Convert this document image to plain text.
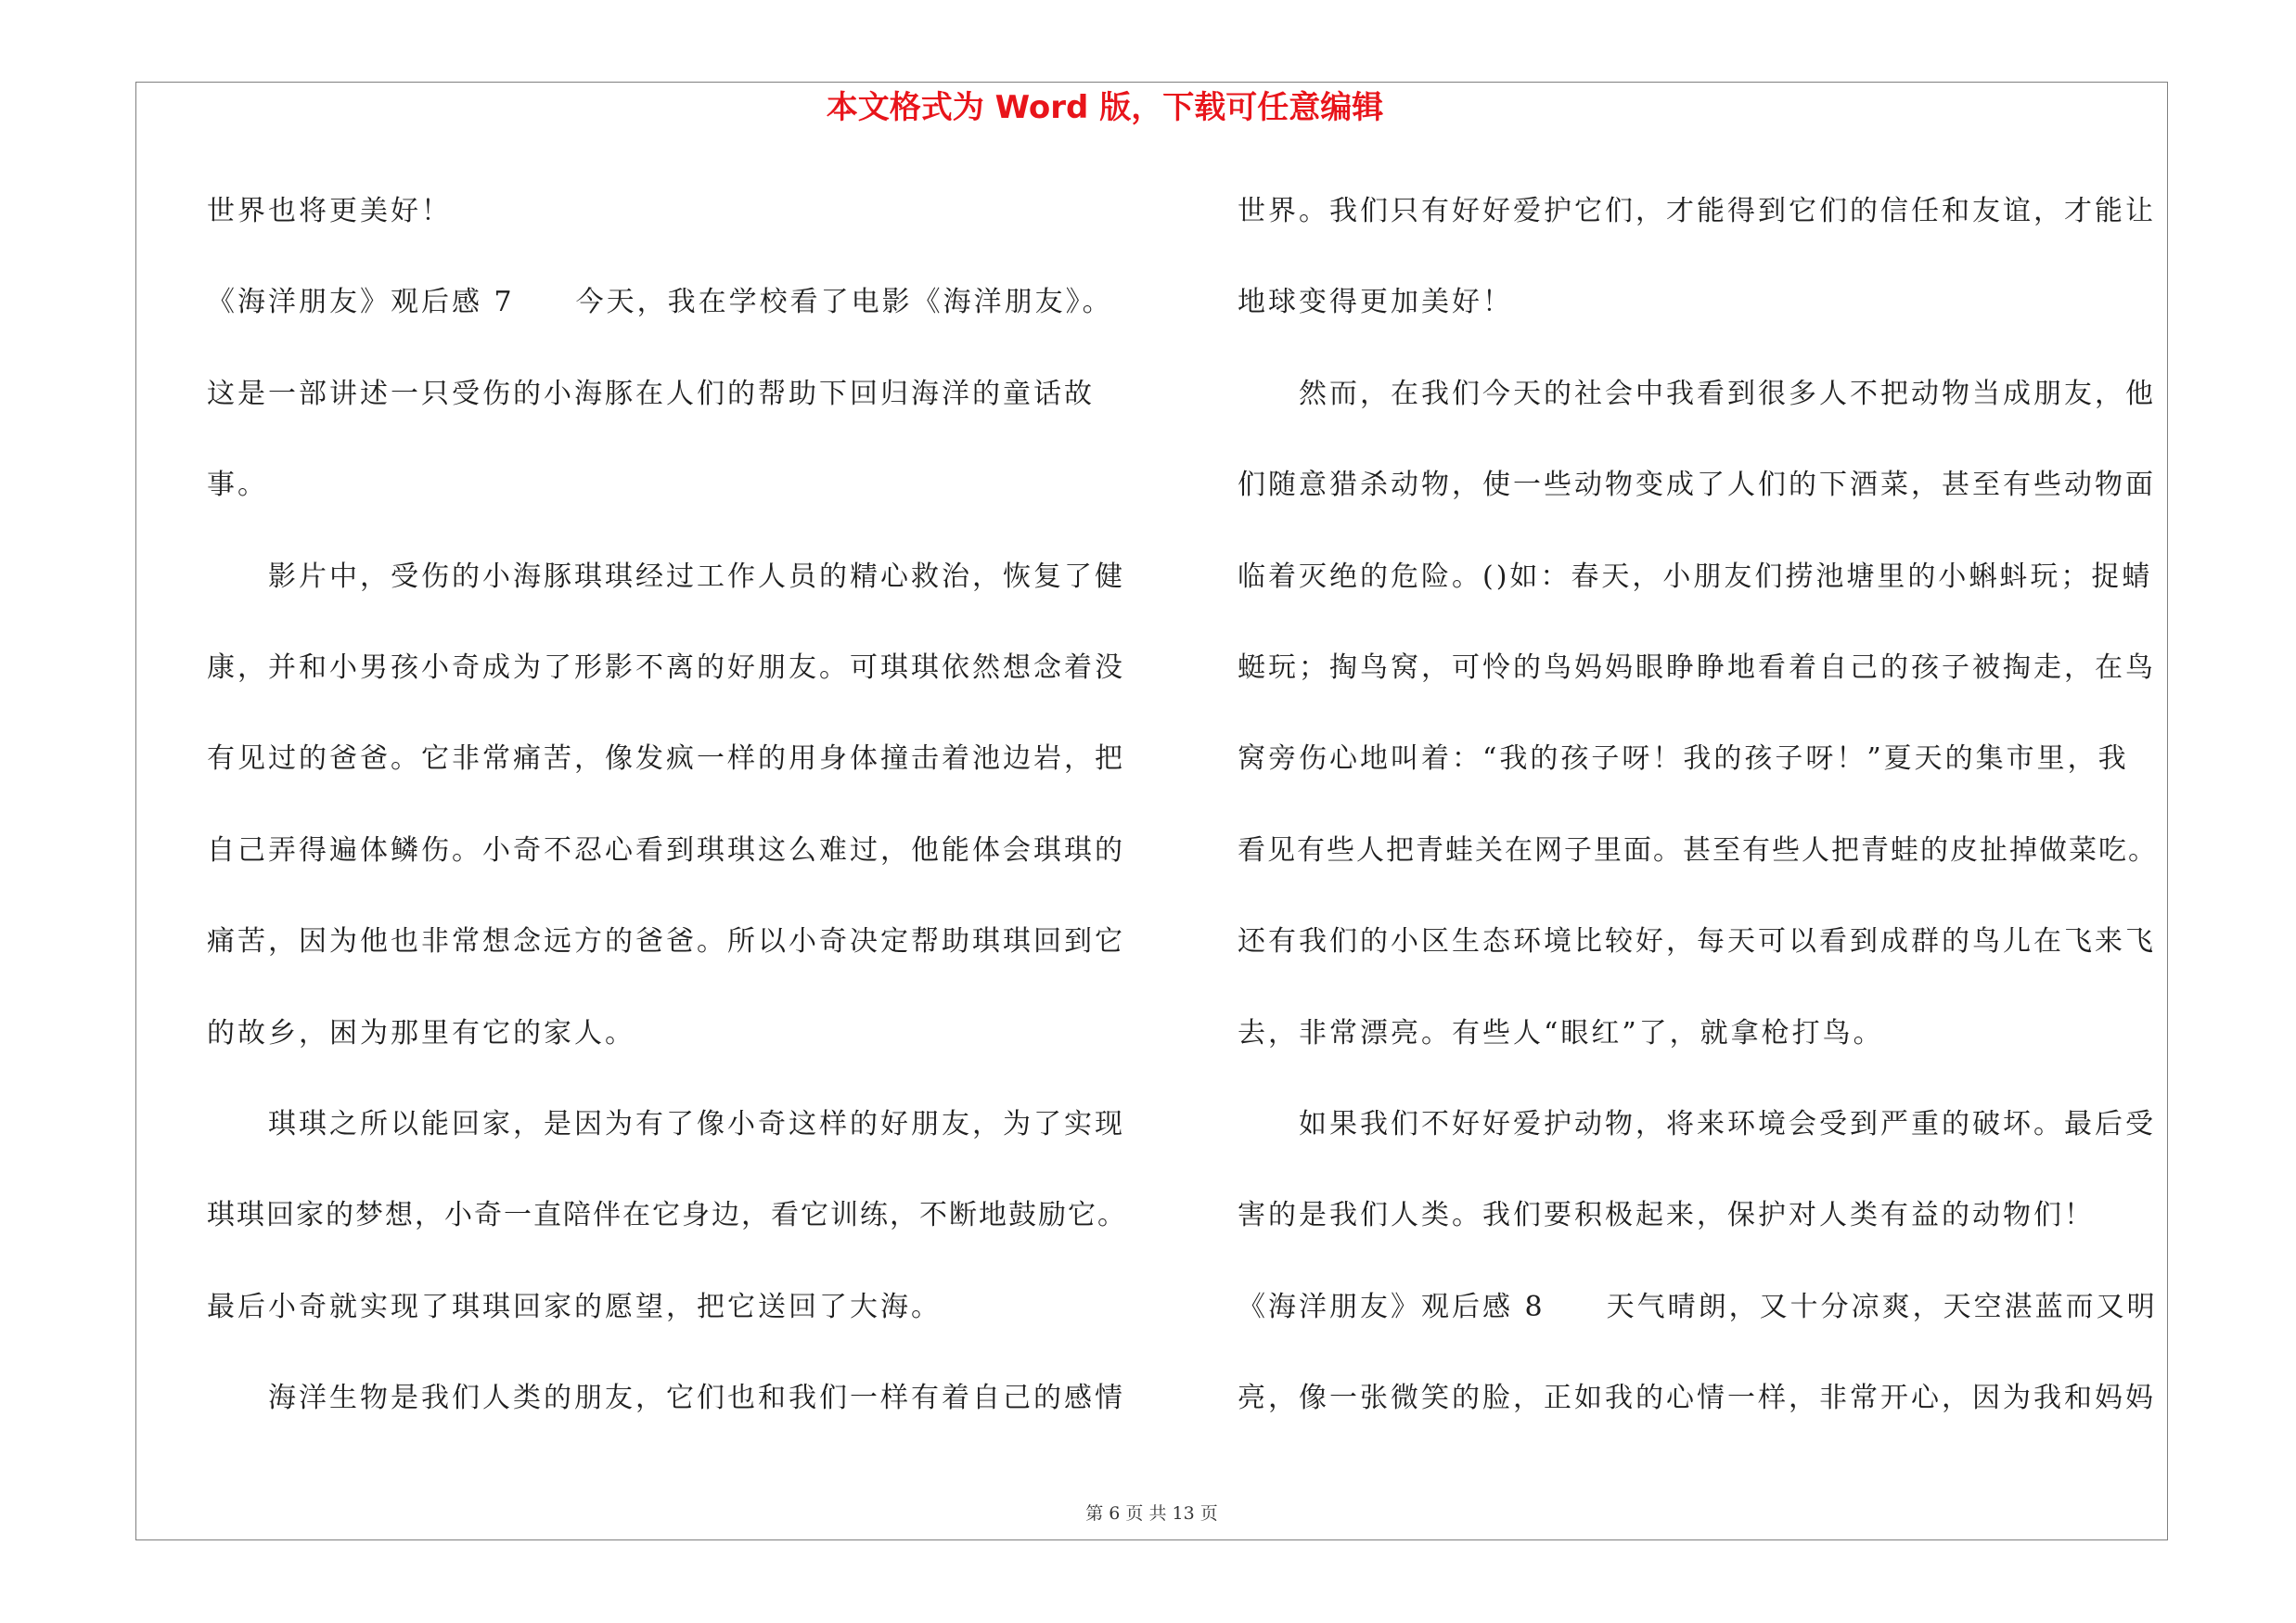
本文格式为 Word 版，下载可任意编辑
世界也将更美好！
《海洋朋友》观后感 7　　今天，我在学校看了电影《海洋朋友》。
这是一部讲述一只受伤的小海豚在人们的帮助下回归海洋的童话故
事。
影片中，受伤的小海豚琪琪经过工作人员的精心救治，恢复了健
康，并和小男孩小奇成为了形影不离的好朋友。可琪琪依然想念着没
有见过的爸爸。它非常痛苦，像发疯一样的用身体撞击着池边岩，把
自己弄得遍体鳞伤。小奇不忍心看到琪琪这么难过，他能体会琪琪的
痛苦，因为他也非常想念远方的爸爸。所以小奇决定帮助琪琪回到它
的故乡，困为那里有它的家人。
琪琪之所以能回家，是因为有了像小奇这样的好朋友，为了实现
琪琪回家的梦想，小奇一直陪伴在它身边，看它训练，不断地鼓励它。
最后小奇就实现了琪琪回家的愿望，把它送回了大海。
海洋生物是我们人类的朋友，它们也和我们一样有着自己的感情
世界。我们只有好好爱护它们，才能得到它们的信任和友谊，才能让
地球变得更加美好！
然而，在我们今天的社会中我看到很多人不把动物当成朋友，他
们随意猎杀动物，使一些动物变成了人们的下酒菜，甚至有些动物面
临着灭绝的危险。()如：春天，小朋友们捞池塘里的小蝌蚪玩；捉蜻
蜓玩；掏鸟窝，可怜的鸟妈妈眼睁睁地看着自己的孩子被掏走，在鸟
窝旁伤心地叫着：“我的孩子呀！我的孩子呀！”夏天的集市里，我
看见有些人把青蛙关在网子里面。甚至有些人把青蛙的皮扯掉做菜吃。
还有我们的小区生态环境比较好，每天可以看到成群的鸟儿在飞来飞
去，非常漂亮。有些人“眼红”了，就拿枪打鸟。
如果我们不好好爱护动物，将来环境会受到严重的破坏。最后受
害的是我们人类。我们要积极起来，保护对人类有益的动物们！
《海洋朋友》观后感 8　　天气晴朗，又十分凉爽，天空湛蓝而又明
亮，像一张微笑的脸，正如我的心情一样，非常开心，因为我和妈妈
第 6 页 共 13 页
